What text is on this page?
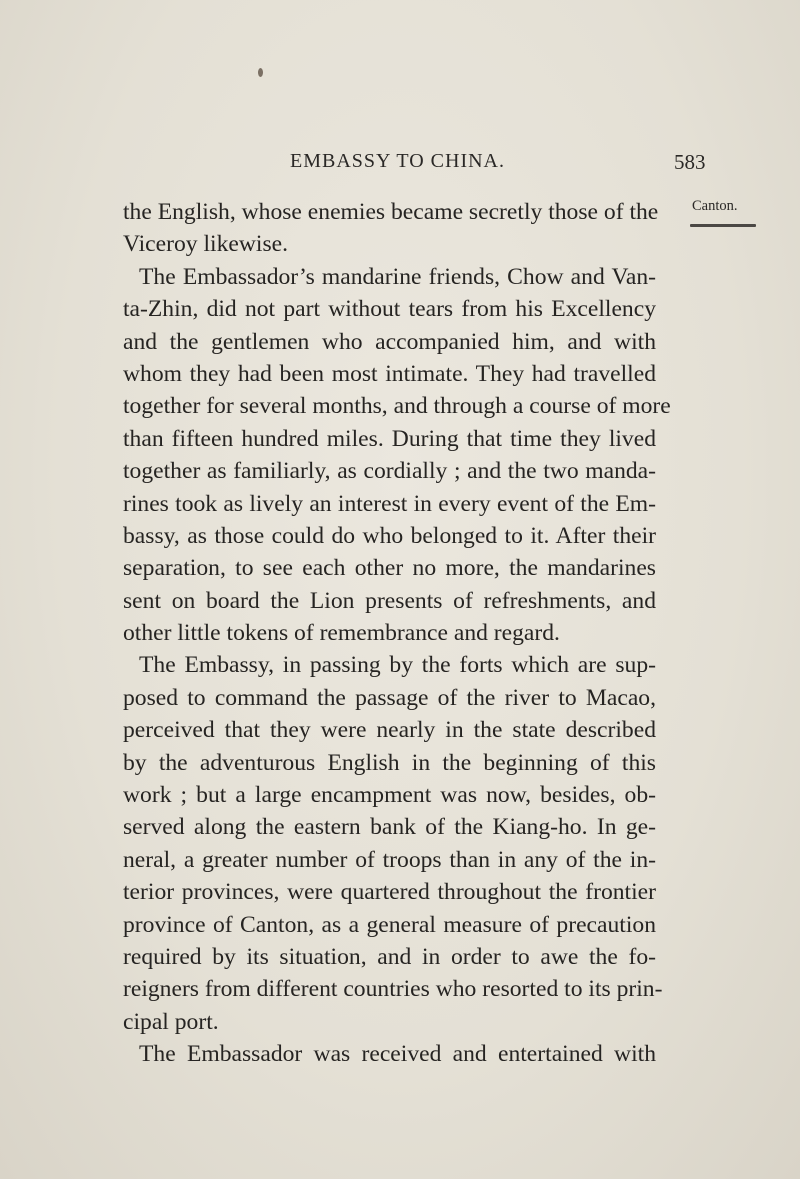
EMBASSY TO CHINA.	583
Canton.
the English, whose enemies became secretly those of the
Viceroy likewise.
The Embassador’s mandarine friends, Chow and Van-
ta-Zhin, did not part without tears from his Excellency
and the gentlemen who accompanied him, and with
whom they had been most intimate. They had travelled
together for several months, and through a course of more
than fifteen hundred miles. During that time they lived
together as familiarly, as cordially ; and the two manda-
rines took as lively an interest in every event of the Em-
bassy, as those could do who belonged to it. After their
separation, to see each other no more, the mandarines
sent on board the Lion presents of refreshments, and
other little tokens of remembrance and regard.
The Embassy, in passing by the forts which are sup-
posed to command the passage of the river to Macao,
perceived that they were nearly in the state described
by the adventurous English in the beginning of this
work ; but a large encampment was now, besides, ob-
served along the eastern bank of the Kiang-ho. In ge-
neral, a greater number of troops than in any of the in-
terior provinces, were quartered throughout the frontier
province of Canton, as a general measure of precaution
required by its situation, and in order to awe the fo-
reigners from different countries who resorted to its prin-
cipal port.
The Embassador was received and entertained with
